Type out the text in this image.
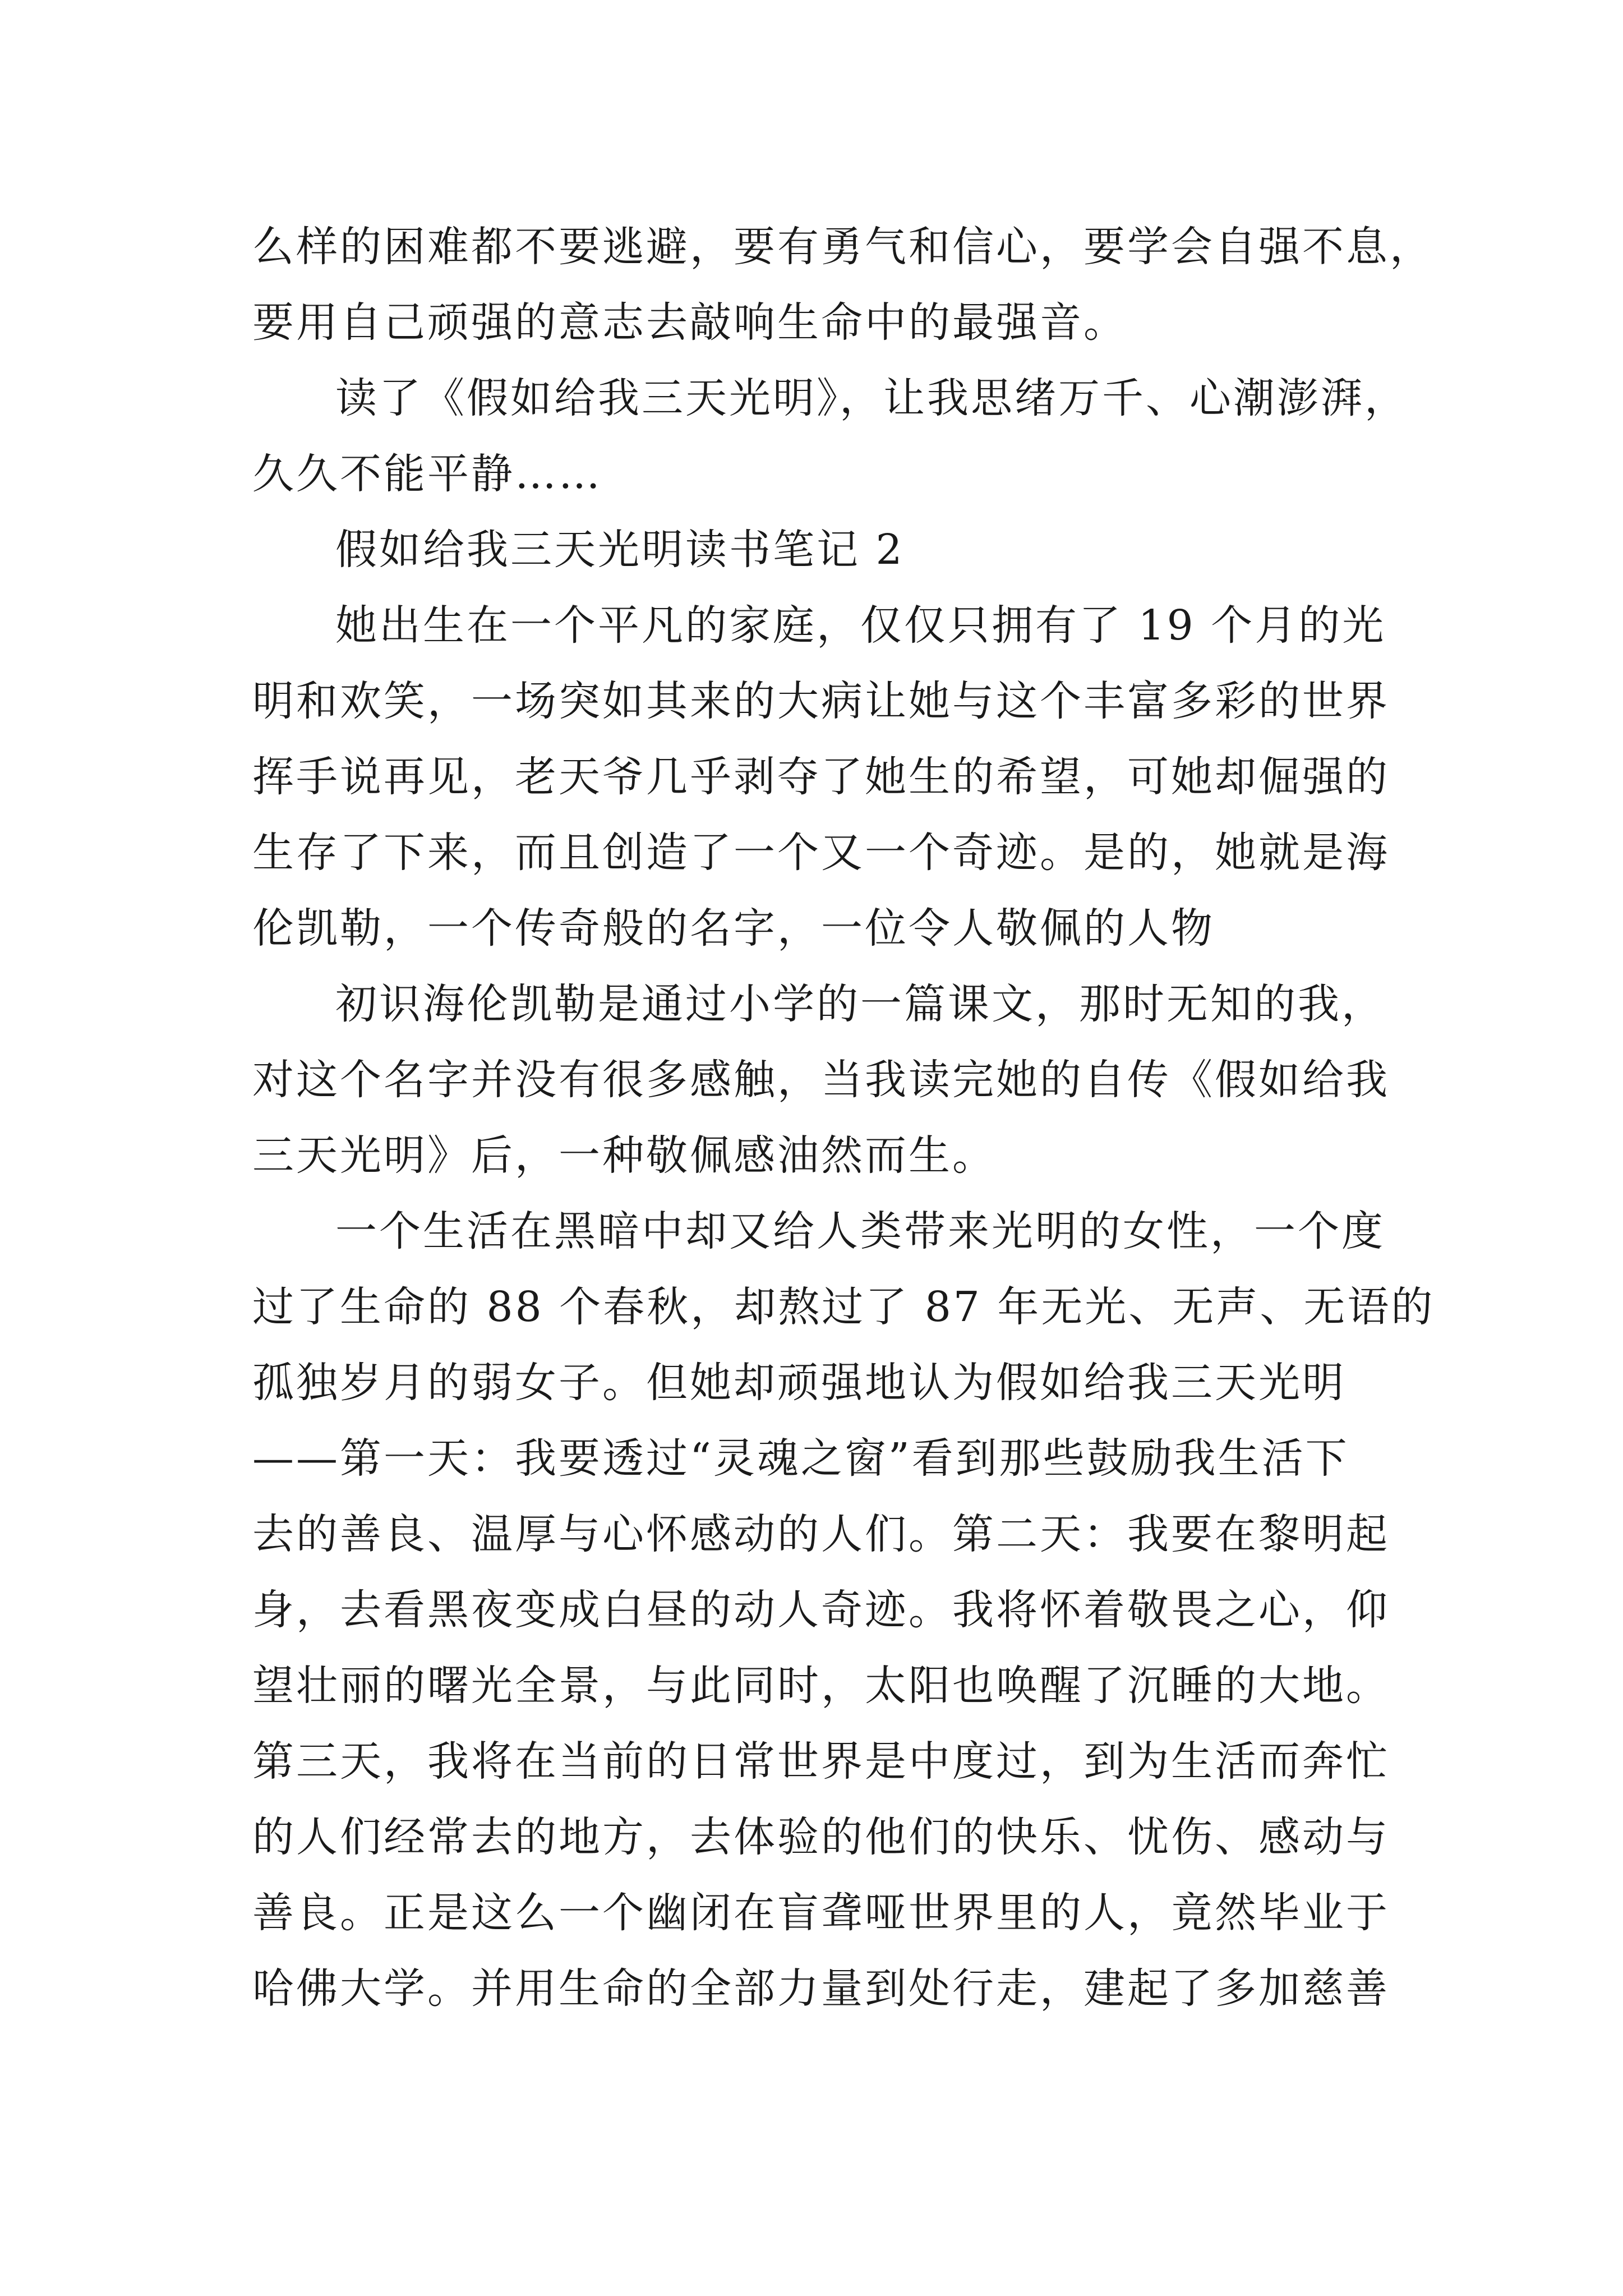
么样的困难都不要逃避，要有勇气和信心，要学会自强不息，
要用自己顽强的意志去敲响生命中的最强音。
读了《假如给我三天光明》，让我思绪万千、心潮澎湃，
久久不能平静……
假如给我三天光明读书笔记 2
她出生在一个平凡的家庭，仅仅只拥有了 19 个月的光
明和欢笑，一场突如其来的大病让她与这个丰富多彩的世界
挥手说再见，老天爷几乎剥夺了她生的希望，可她却倔强的
生存了下来，而且创造了一个又一个奇迹。是的，她就是海
伦凯勒，一个传奇般的名字，一位令人敬佩的人物
初识海伦凯勒是通过小学的一篇课文，那时无知的我，
对这个名字并没有很多感触，当我读完她的自传《假如给我
三天光明》后，一种敬佩感油然而生。
一个生活在黑暗中却又给人类带来光明的女性，一个度
过了生命的 88 个春秋，却熬过了 87 年无光、无声、无语的
孤独岁月的弱女子。但她却顽强地认为假如给我三天光明
——第一天：我要透过“灵魂之窗”看到那些鼓励我生活下
去的善良、温厚与心怀感动的人们。第二天：我要在黎明起
身，去看黑夜变成白昼的动人奇迹。我将怀着敬畏之心，仰
望壮丽的曙光全景，与此同时，太阳也唤醒了沉睡的大地。
第三天，我将在当前的日常世界是中度过，到为生活而奔忙
的人们经常去的地方，去体验的他们的快乐、忧伤、感动与
善良。正是这么一个幽闭在盲聋哑世界里的人，竟然毕业于
哈佛大学。并用生命的全部力量到处行走，建起了多加慈善
